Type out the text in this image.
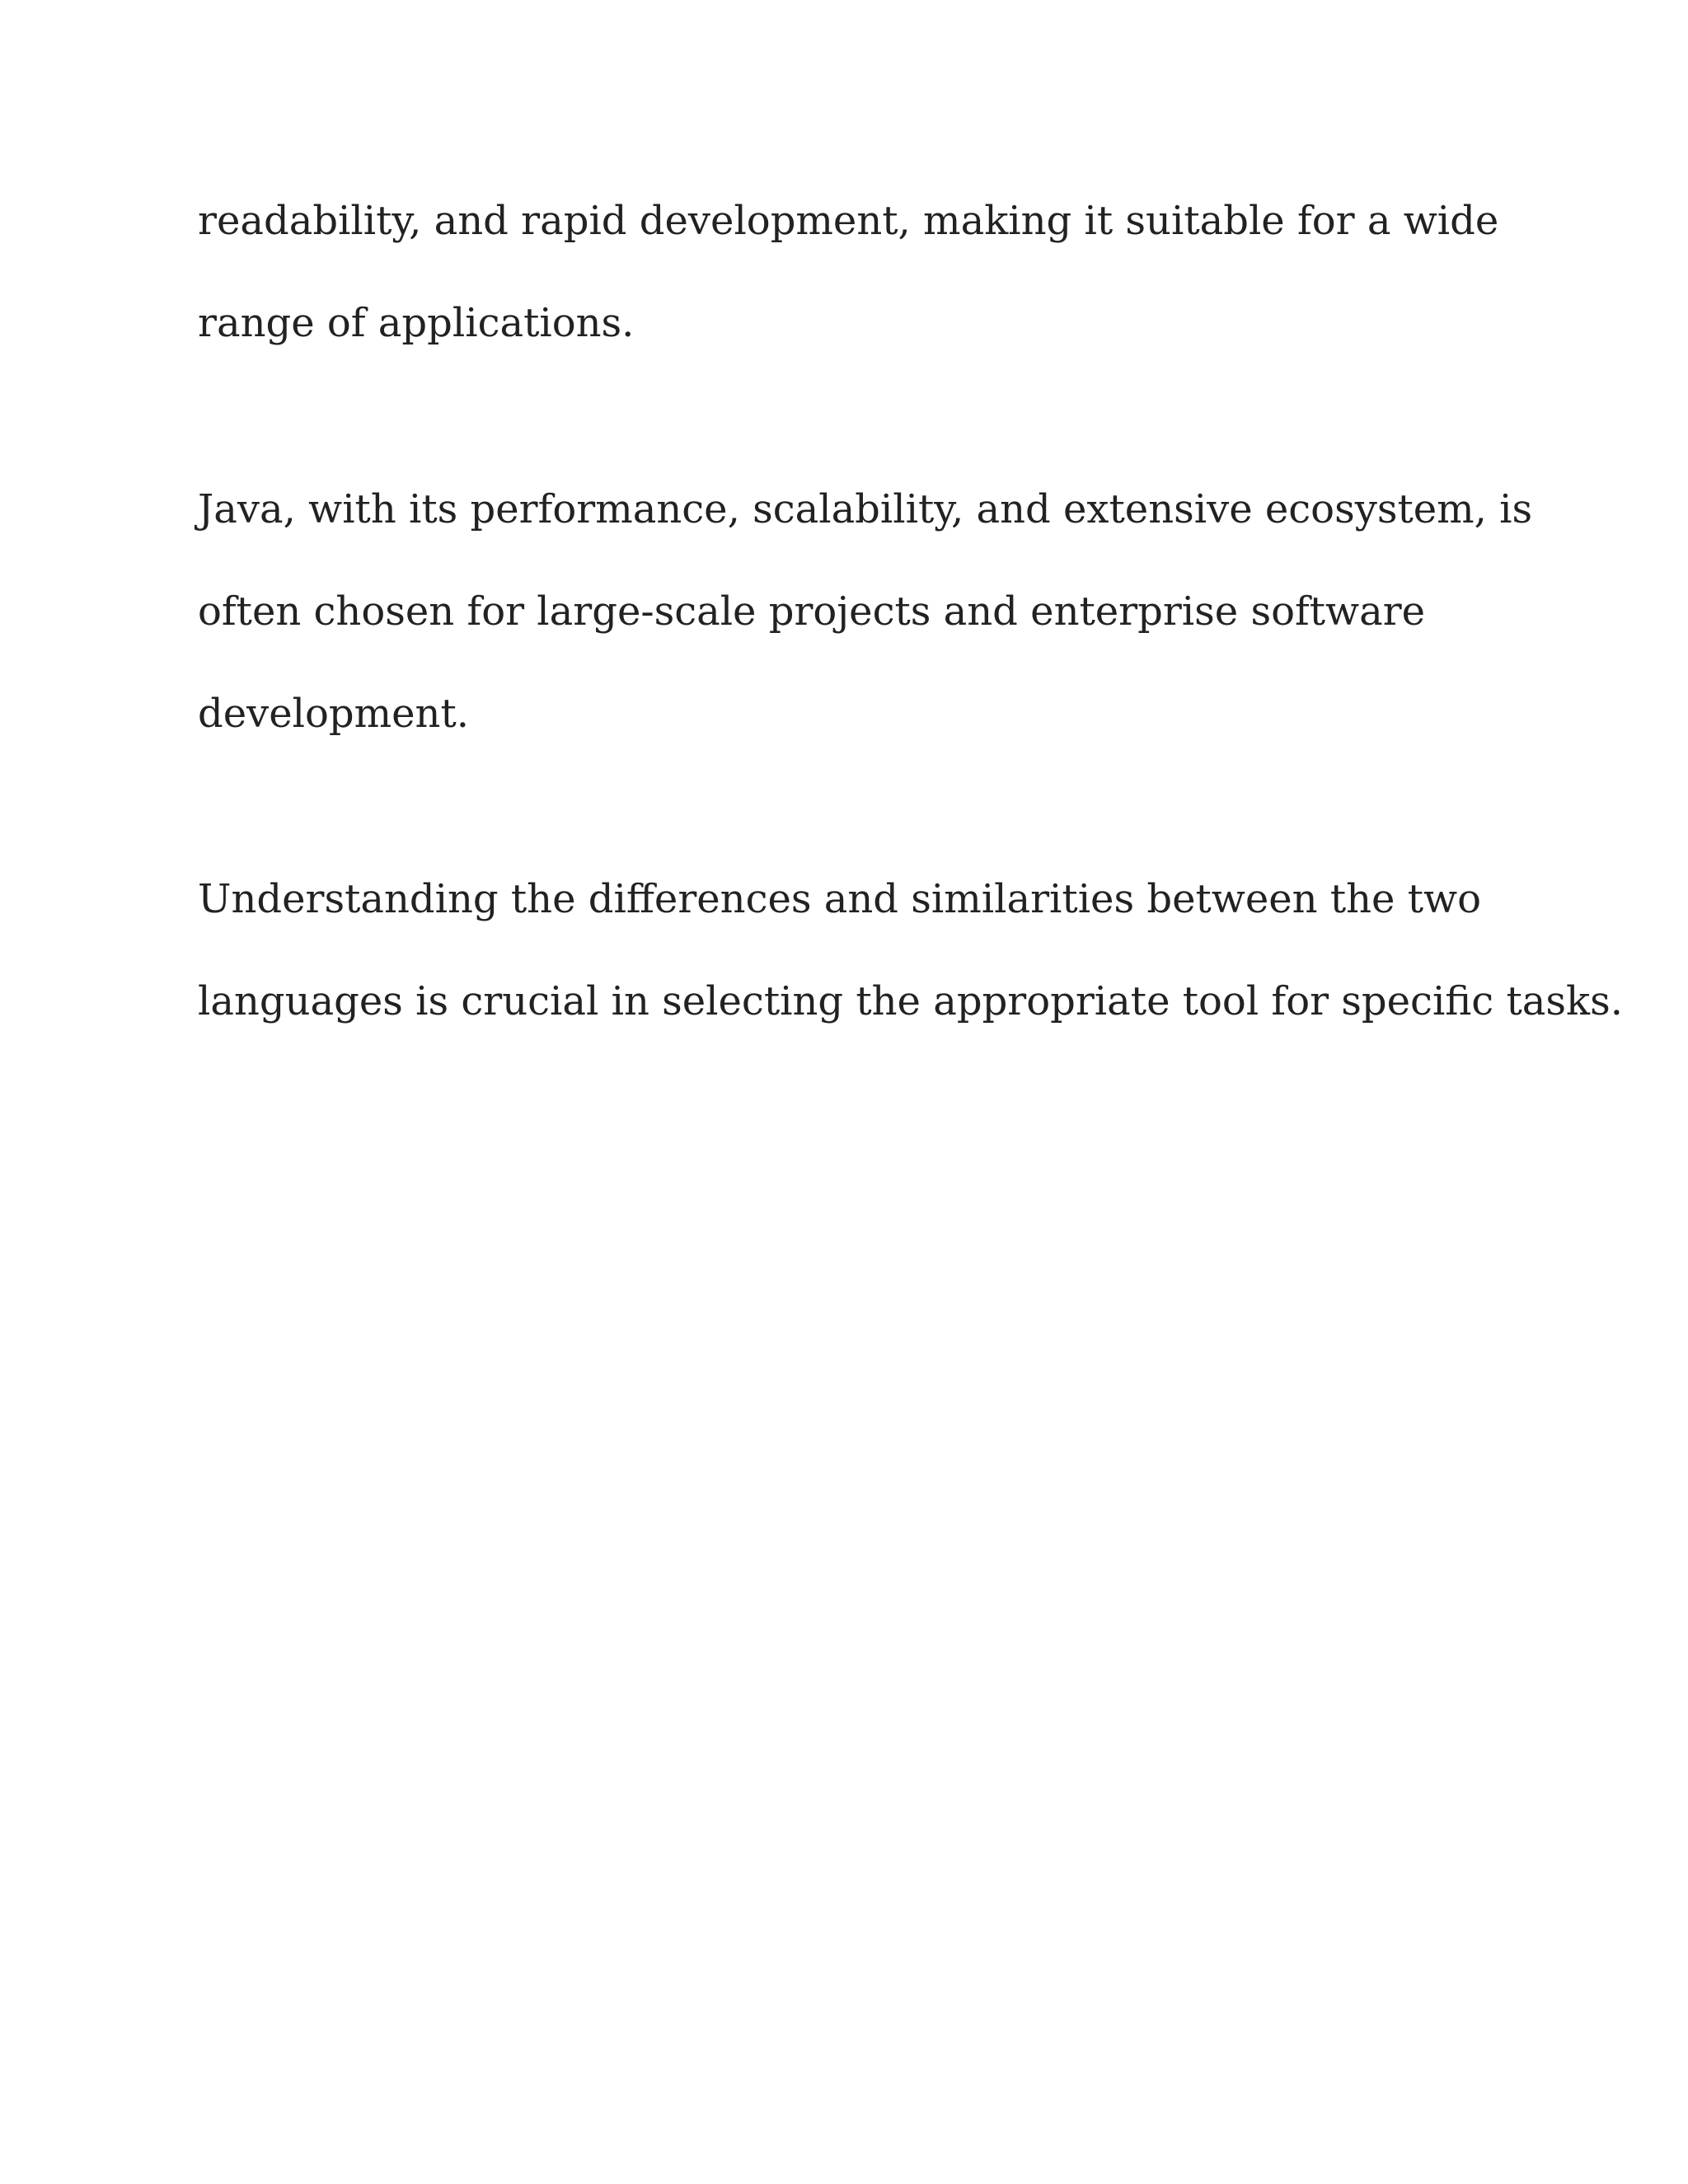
readability, and rapid development, making it suitable for a wide

range of applications.

Java, with its performance, scalability, and extensive ecosystem, is

often chosen for large-scale projects and enterprise software

development.

Understanding the differences and similarities between the two

languages is crucial in selecting the appropriate tool for specific tasks.
